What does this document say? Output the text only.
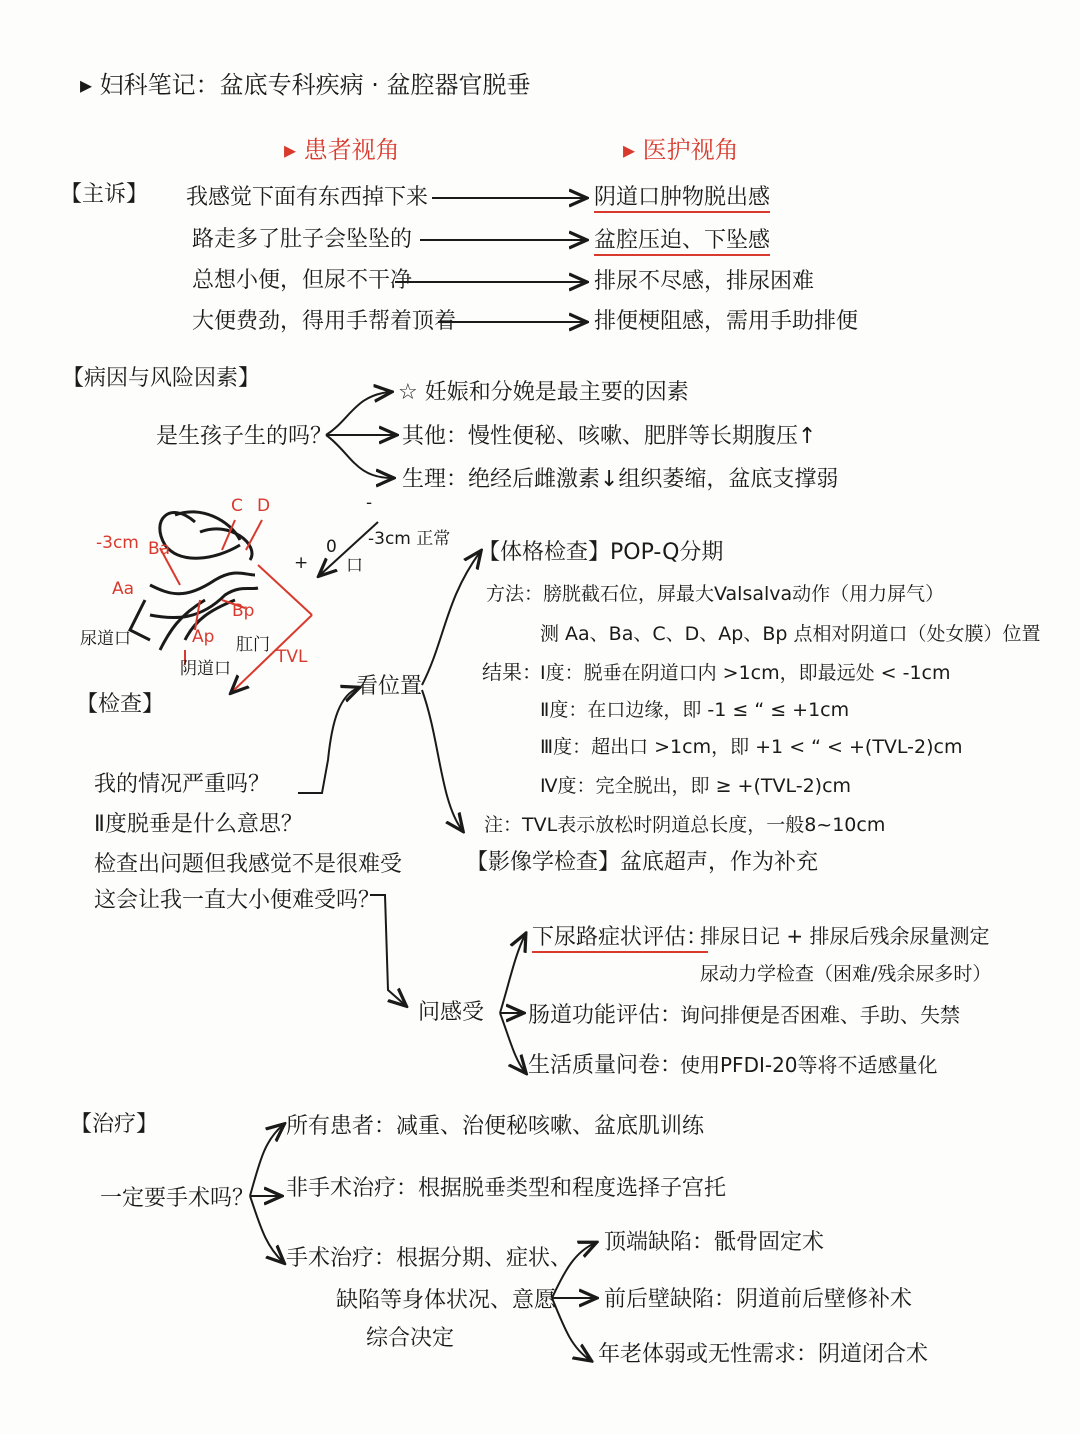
▸ 妇科笔记：盆底专科疾病 · 盆腔器官脱垂
▸ 患者视角	▸ 医护视角
【主诉】 我感觉下面有东西掉下来
路走多了肚子会坠坠的
总想小便，但尿不干净
大便费劲，得用手帮着顶着
阴道口肿物脱出感
盆腔压迫、下坠感
排尿不尽感，排尿困难
排便梗阻感，需用手助排便
【病因与风险因素】
是生孩子生的吗？
☆ 妊娠和分娩是最主要的因素
其他：慢性便秘、咳嗽、肥胖等长期腹压↑
生理：绝经后雌激素↓组织萎缩，盆底支撑弱
-3cm Ba
Aa
C D
Bp
Ap
TVL
尿道口
阴道口
肛门
-
0
+ 口
-3cm 正常
【检查】
看位置
我的情况严重吗？
Ⅱ度脱垂是什么意思？
检查出问题但我感觉不是很难受
这会让我一直大小便难受吗？
【体格检查】POP-Q分期
方法：膀胱截石位，屏最大Valsalva动作（用力屏气）
测 Aa、Ba、C、D、Ap、Bp 点相对阴道口（处女膜）位置
结果：
Ⅰ度：脱垂在阴道口内 >1cm，即最远处 < -1cm
Ⅱ度：在口边缘，即 -1 ≤ “ ≤ +1cm
Ⅲ度：超出口 >1cm，即 +1 < “ < +(TVL-2)cm
Ⅳ度：完全脱出，即 ≥ +(TVL-2)cm
注：TVL表示放松时阴道总长度，一般8~10cm
【影像学检查】盆底超声，作为补充
问感受
下尿路症状评估：
排尿日记 + 排尿后残余尿量测定
尿动力学检查（困难/残余尿多时）
肠道功能评估：
询问排便是否困难、手助、失禁
生活质量问卷：
使用PFDI-20等将不适感量化
【治疗】
一定要手术吗？
所有患者：减重、治便秘咳嗽、盆底肌训练
非手术治疗：根据脱垂类型和程度选择子宫托
手术治疗：根据分期、症状、
缺陷等身体状况、意愿
综合决定
顶端缺陷：骶骨固定术
前后壁缺陷：阴道前后壁修补术
年老体弱或无性需求：阴道闭合术
